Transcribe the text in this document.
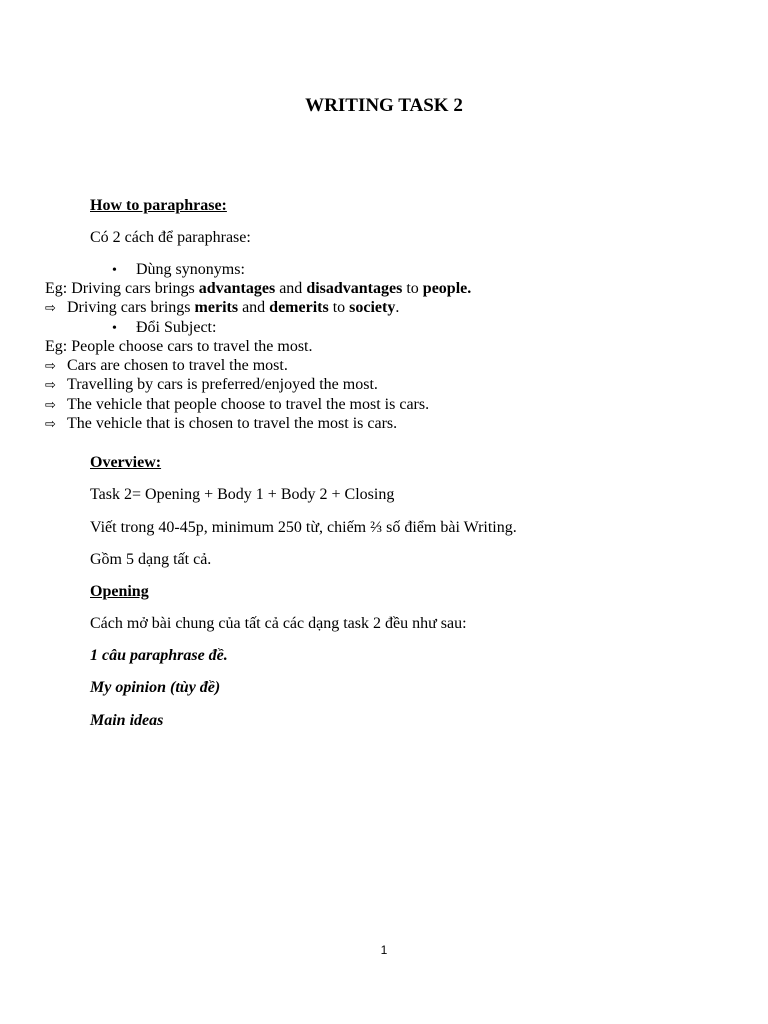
WRITING TASK 2
How to paraphrase:
Có 2 cách để paraphrase:
• Dùng synonyms:
Eg: Driving cars brings advantages and disadvantages to people.
⇨ Driving cars brings merits and demerits to society.
• Đổi Subject:
Eg: People choose cars to travel the most.
⇨ Cars are chosen to travel the most.
⇨ Travelling by cars is preferred/enjoyed the most.
⇨ The vehicle that people choose to travel the most is cars.
⇨ The vehicle that is chosen to travel the most is cars.
Overview:
Task 2= Opening + Body 1 + Body 2 + Closing
Viết trong 40-45p, minimum 250 từ, chiếm ⅔ số điểm bài Writing.
Gồm 5 dạng tất cả.
Opening
Cách mở bài chung của tất cả các dạng task 2 đều như sau:
1 câu paraphrase đề.
My opinion (tùy đề)
Main ideas
1
